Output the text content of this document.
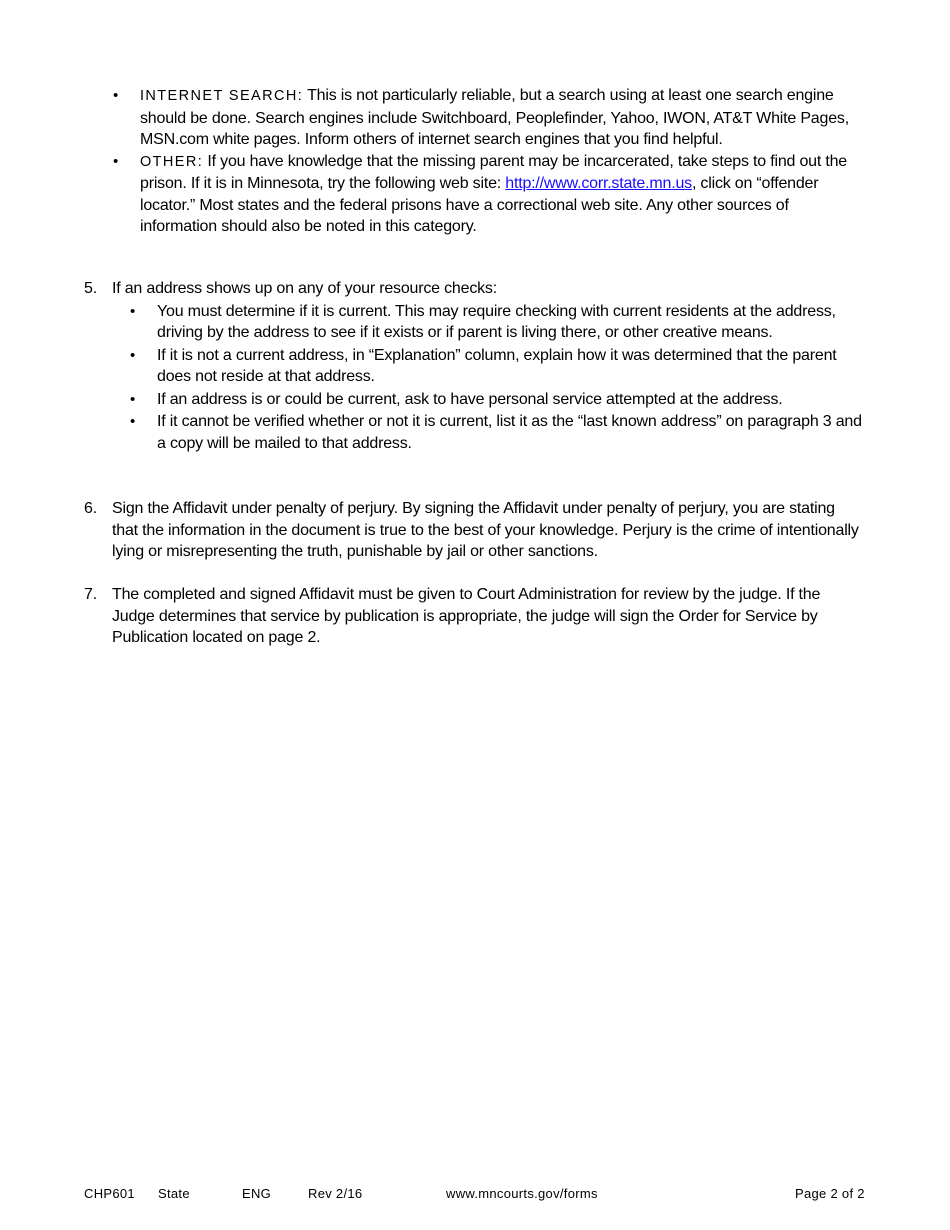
• INTERNET SEARCH: This is not particularly reliable, but a search using at least one search engine should be done. Search engines include Switchboard, Peoplefinder, Yahoo, IWON, AT&T White Pages, MSN.com white pages. Inform others of internet search engines that you find helpful.
• OTHER: If you have knowledge that the missing parent may be incarcerated, take steps to find out the prison. If it is in Minnesota, try the following web site: http://www.corr.state.mn.us, click on “offender locator.” Most states and the federal prisons have a correctional web site. Any other sources of information should also be noted in this category.
5. If an address shows up on any of your resource checks:
• You must determine if it is current. This may require checking with current residents at the address, driving by the address to see if it exists or if parent is living there, or other creative means.
• If it is not a current address, in “Explanation” column, explain how it was determined that the parent does not reside at that address.
• If an address is or could be current, ask to have personal service attempted at the address.
• If it cannot be verified whether or not it is current, list it as the “last known address” on paragraph 3 and a copy will be mailed to that address.
6. Sign the Affidavit under penalty of perjury. By signing the Affidavit under penalty of perjury, you are stating that the information in the document is true to the best of your knowledge. Perjury is the crime of intentionally lying or misrepresenting the truth, punishable by jail or other sanctions.
7. The completed and signed Affidavit must be given to Court Administration for review by the judge. If the Judge determines that service by publication is appropriate, the judge will sign the Order for Service by Publication located on page 2.
CHP601 State	ENG	Rev 2/16	www.mncourts.gov/forms	Page 2 of 2
